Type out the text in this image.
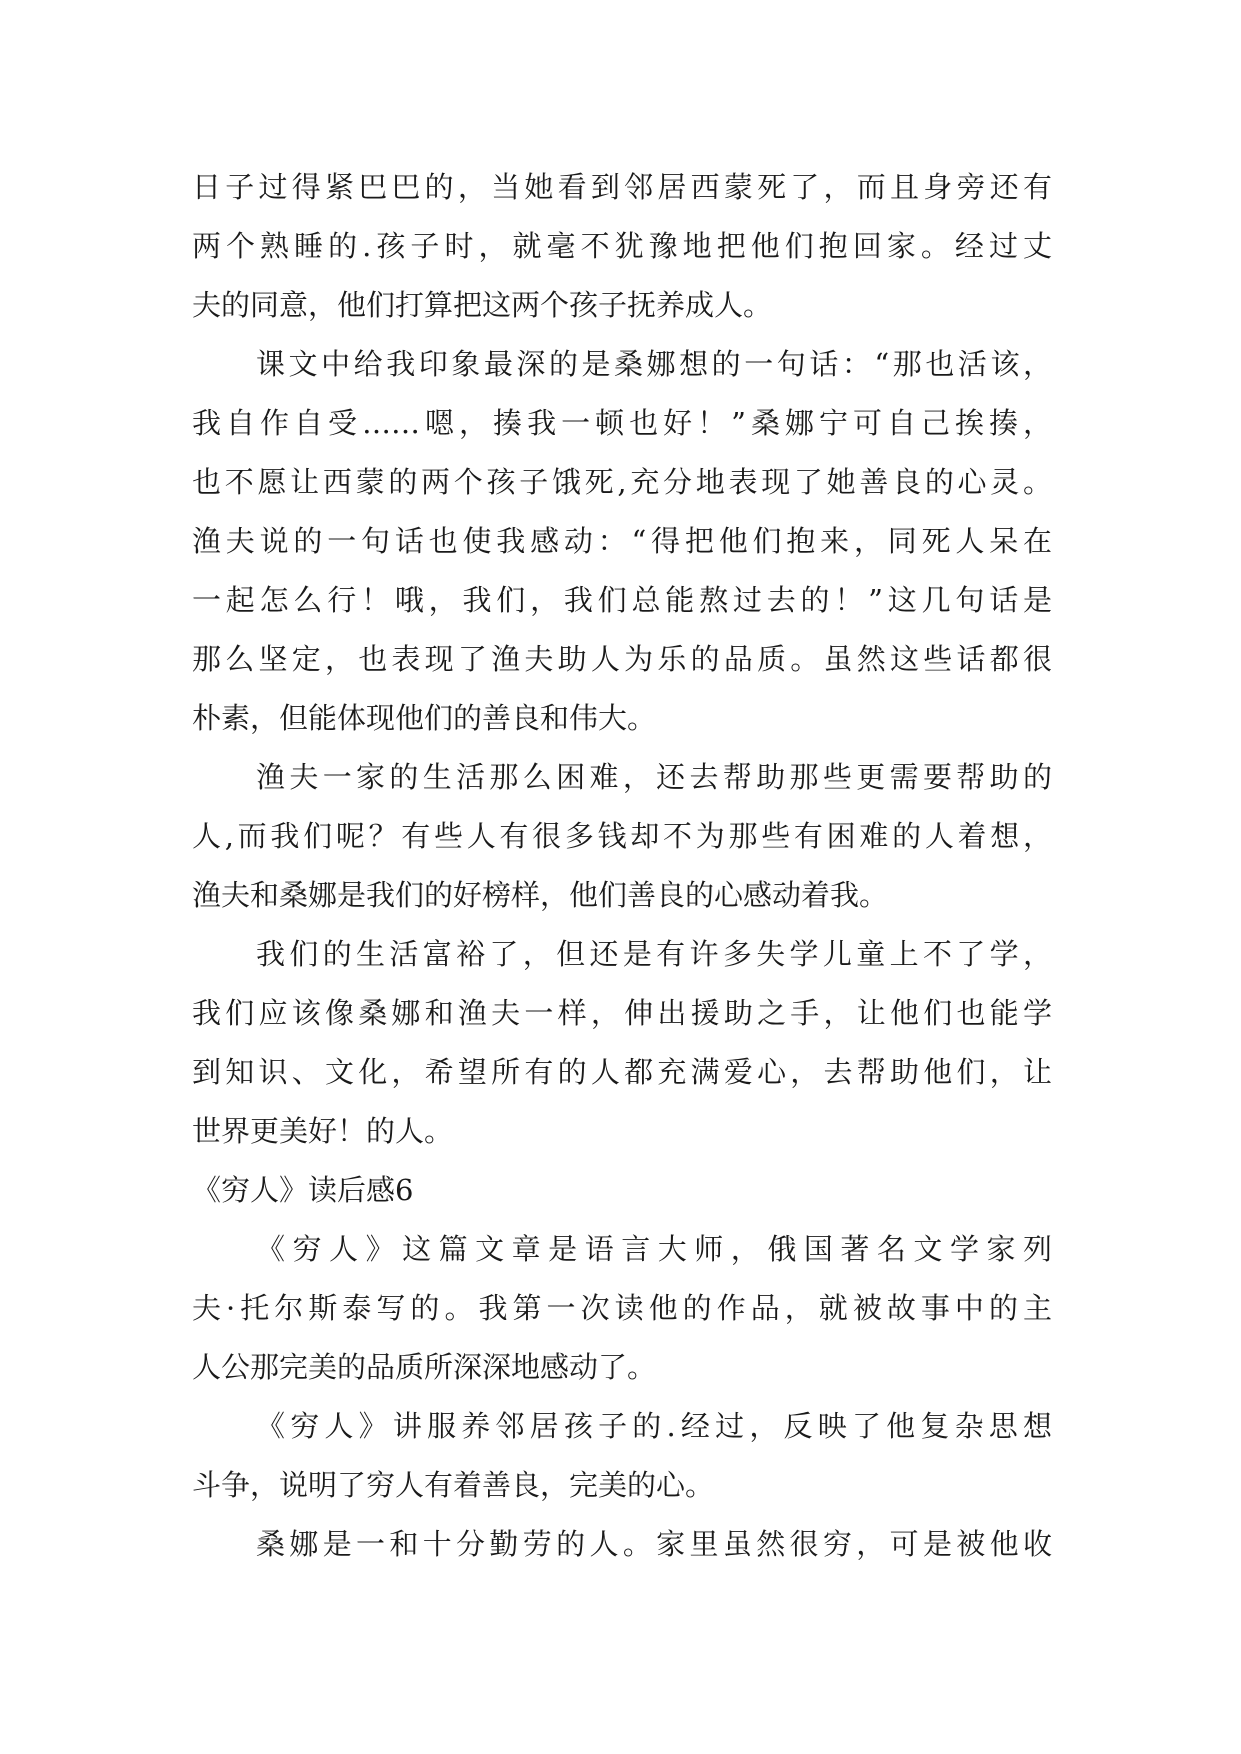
日子过得紧巴巴的，当她看到邻居西蒙死了，而且身旁还有
两个熟睡的.孩子时，就毫不犹豫地把他们抱回家。经过丈
夫的同意，他们打算把这两个孩子抚养成人。
课文中给我印象最深的是桑娜想的一句话：“那也活该，
我自作自受……嗯，揍我一顿也好！”桑娜宁可自己挨揍，
也不愿让西蒙的两个孩子饿死,充分地表现了她善良的心灵。
渔夫说的一句话也使我感动：“得把他们抱来，同死人呆在
一起怎么行！哦，我们，我们总能熬过去的！”这几句话是
那么坚定，也表现了渔夫助人为乐的品质。虽然这些话都很
朴素，但能体现他们的善良和伟大。
渔夫一家的生活那么困难，还去帮助那些更需要帮助的
人,而我们呢？有些人有很多钱却不为那些有困难的人着想，
渔夫和桑娜是我们的好榜样，他们善良的心感动着我。
我们的生活富裕了，但还是有许多失学儿童上不了学，
我们应该像桑娜和渔夫一样，伸出援助之手，让他们也能学
到知识、文化，希望所有的人都充满爱心，去帮助他们，让
世界更美好！的人。
《穷人》读后感6
《穷人》这篇文章是语言大师，俄国著名文学家列
夫·托尔斯泰写的。我第一次读他的作品，就被故事中的主
人公那完美的品质所深深地感动了。
《穷人》讲服养邻居孩子的.经过，反映了他复杂思想
斗争，说明了穷人有着善良，完美的心。
桑娜是一和十分勤劳的人。家里虽然很穷，可是被他收
